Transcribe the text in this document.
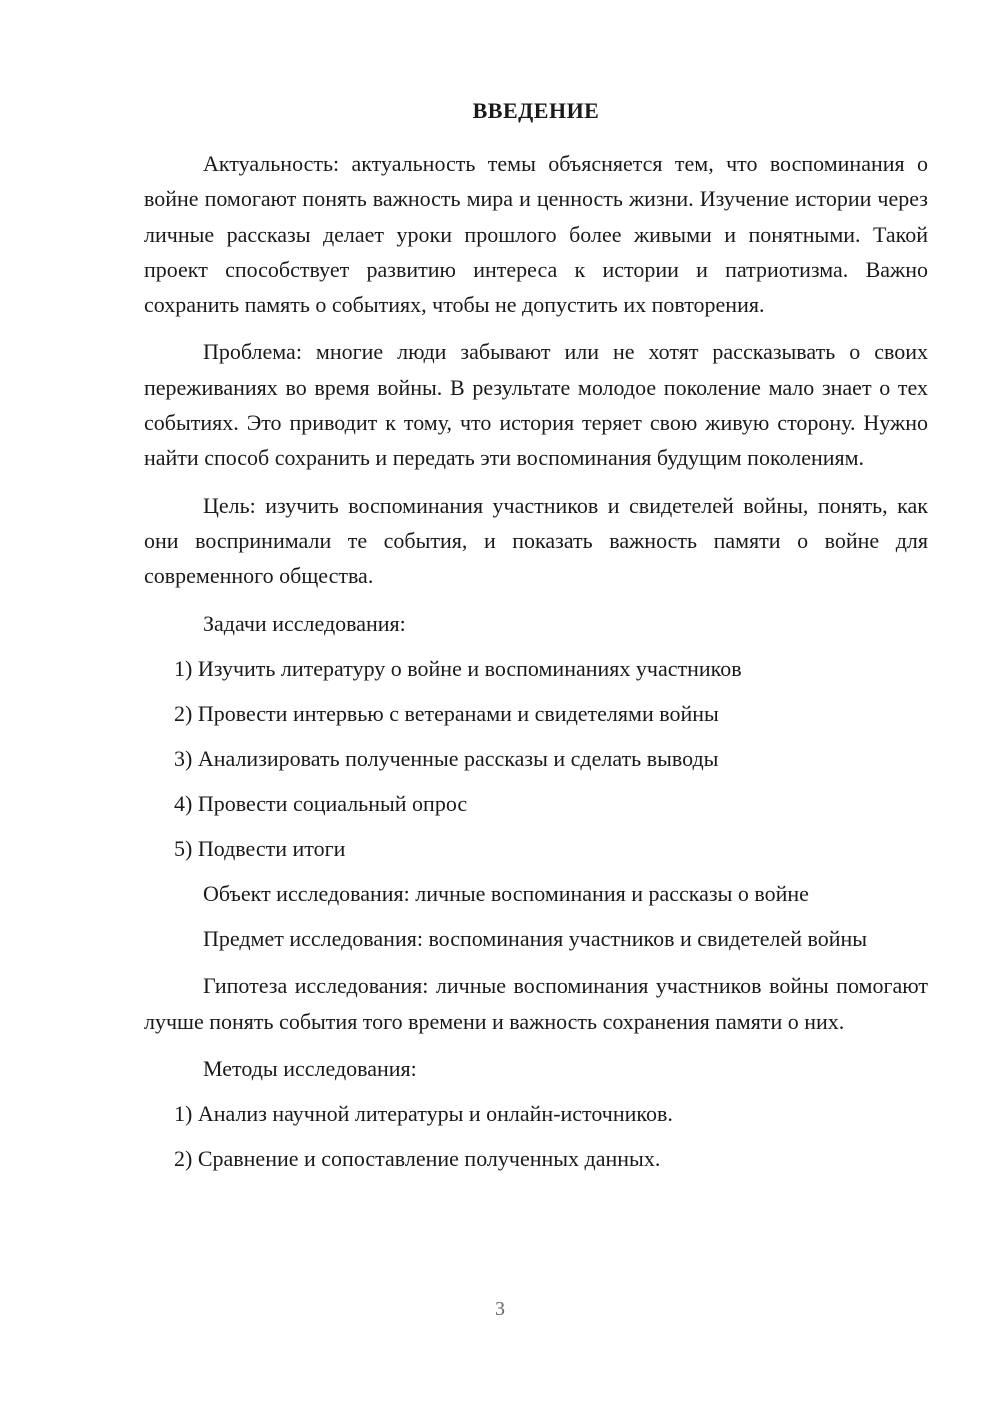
ВВЕДЕНИЕ

Актуальность: актуальность темы объясняется тем, что воспоминания о войне помогают понять важность мира и ценность жизни. Изучение истории через личные рассказы делает уроки прошлого более живыми и понятными. Такой проект способствует развитию интереса к истории и патриотизма. Важно сохранить память о событиях, чтобы не допустить их повторения.

Проблема: многие люди забывают или не хотят рассказывать о своих переживаниях во время войны. В результате молодое поколение мало знает о тех событиях. Это приводит к тому, что история теряет свою живую сторону. Нужно найти способ сохранить и передать эти воспоминания будущим поколениям.

Цель: изучить воспоминания участников и свидетелей войны, понять, как они воспринимали те события, и показать важность памяти о войне для современного общества.

Задачи исследования:

1) Изучить литературу о войне и воспоминаниях участников
2) Провести интервью с ветеранами и свидетелями войны
3) Анализировать полученные рассказы и сделать выводы
4) Провести социальный опрос
5) Подвести итоги

Объект исследования: личные воспоминания и рассказы о войне

Предмет исследования: воспоминания участников и свидетелей войны

Гипотеза исследования: личные воспоминания участников войны помогают лучше понять события того времени и важность сохранения памяти о них.

Методы исследования:

1) Анализ научной литературы и онлайн-источников.
2) Сравнение и сопоставление полученных данных.
3
